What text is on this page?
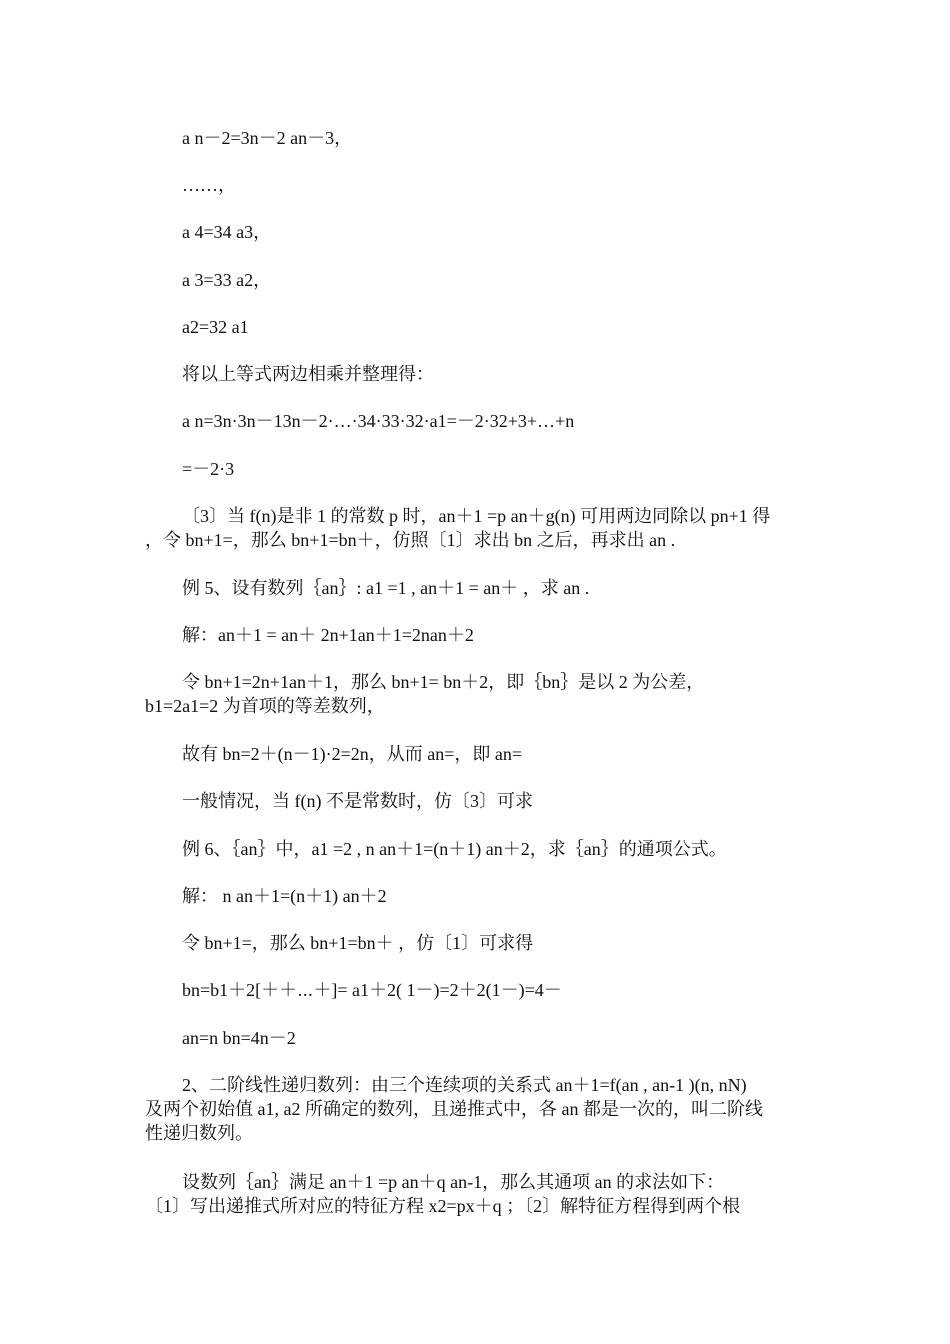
a n－2=3n－2 an－3，
……，
a 4=34 a3，
a 3=33 a2，
a2=32 a1
将以上等式两边相乘并整理得：
a n=3n·3n－13n－2·…·34·33·32·a1=－2·32+3+…+n
=－2·3
〔3〕当 f(n)是非 1 的常数 p 时，an＋1 =p an＋g(n) 可用两边同除以 pn+1 得
，令 bn+1=，那么 bn+1=bn＋，仿照〔1〕求出 bn 之后，再求出 an .
例 5、设有数列｛an｝: a1 =1 , an＋1 = an＋ ，求 an .
解：an＋1 = an＋ 2n+1an＋1=2nan＋2
令 bn+1=2n+1an＋1，那么 bn+1= bn＋2，即｛bn｝是以 2 为公差，
b1=2a1=2 为首项的等差数列，
故有 bn=2＋(n－1)·2=2n，从而 an=，即 an=
一般情况，当 f(n) 不是常数时，仿〔3〕可求
例 6、｛an｝中，a1 =2 , n an＋1=(n＋1) an＋2，求｛an｝的通项公式。
解： n an＋1=(n＋1) an＋2
令 bn+1=，那么 bn+1=bn＋ ，仿〔1〕可求得
bn=b1＋2[＋＋⋯＋]= a1＋2( 1－)=2＋2(1－)=4－
an=n bn=4n－2
2、二阶线性递归数列：由三个连续项的关系式 an＋1=f(an , an-1 )(n, nN)
及两个初始值 a1, a2 所确定的数列，且递推式中，各 an 都是一次的，叫二阶线
性递归数列。
设数列｛an｝满足 an＋1 =p an＋q an-1，那么其通项 an 的求法如下：
〔1〕写出递推式所对应的特征方程 x2=px＋q ；〔2〕解特征方程得到两个根
